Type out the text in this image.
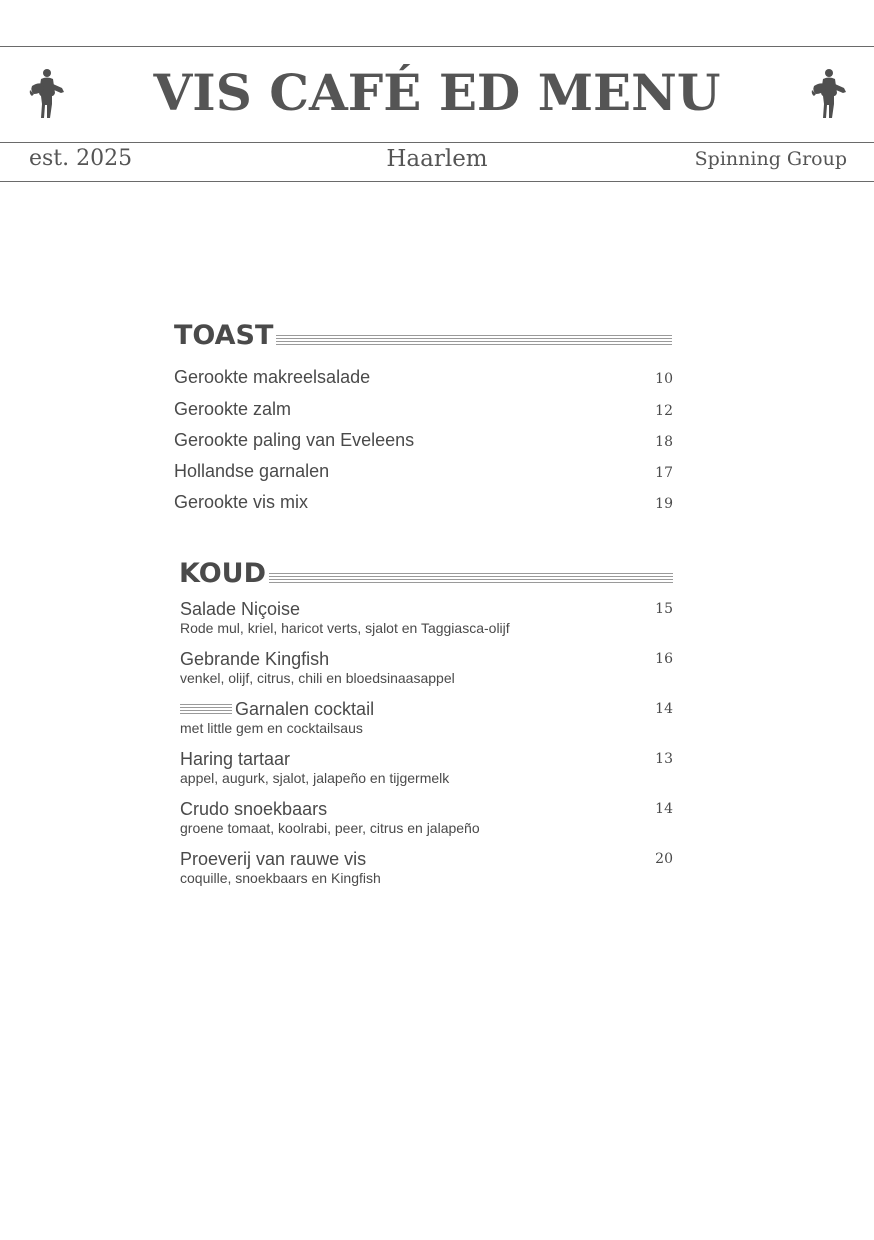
VIS CAFÉ ED MENU
est. 2025	Haarlem	Spinning Group
TOAST
Gerookte makreelsalade	10
Gerookte zalm	12
Gerookte paling van Eveleens	18
Hollandse garnalen	17
Gerookte vis mix	19
KOUD
Salade Niçoise	15
Rode mul, kriel, haricot verts, sjalot en Taggiasca-olijf
Gebrande Kingfish	16
venkel, olijf, citrus, chili en bloedsinaasappel
Garnalen cocktail	14
met little gem en cocktailsaus
Haring tartaar	13
appel, augurk, sjalot, jalapeño en tijgermelk
Crudo snoekbaars	14
groene tomaat, koolrabi, peer, citrus en jalapeño
Proeverij van rauwe vis	20
coquille, snoekbaars en Kingfish
